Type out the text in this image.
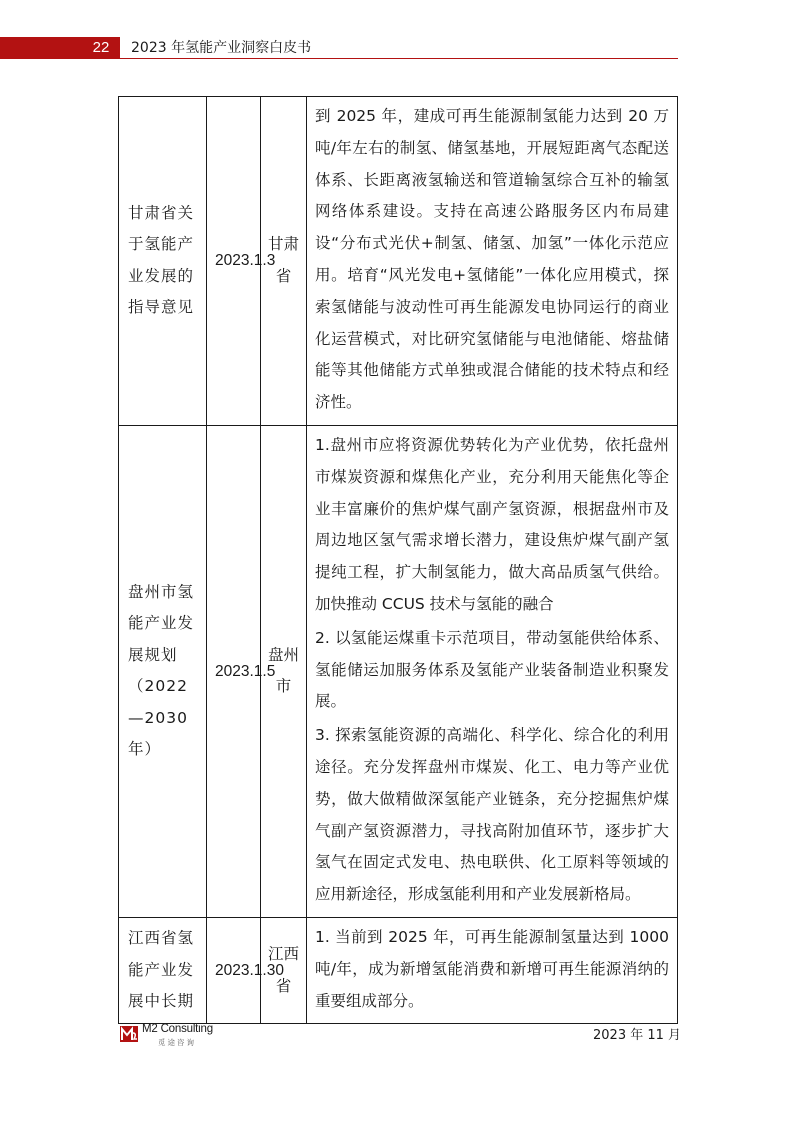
22	2023 年氢能产业洞察白皮书
甘肃省关于氢能产业发展的指导意见	2023.1.3	甘肃省	到 2025 年，建成可再生能源制氢能力达到 20 万吨/年左右的制氢、储氢基地，开展短距离气态配送体系、长距离液氢输送和管道输氢综合互补的输氢网络体系建设。支持在高速公路服务区内布局建设“分布式光伏+制氢、储氢、加氢”一体化示范应用。培育“风光发电+氢储能”一体化应用模式，探索氢储能与波动性可再生能源发电协同运行的商业化运营模式，对比研究氢储能与电池储能、熔盐储能等其他储能方式单独或混合储能的技术特点和经济性。

盘州市氢能产业发展规划（2022—2030年）	2023.1.5	盘州市	1.盘州市应将资源优势转化为产业优势，依托盘州市煤炭资源和煤焦化产业，充分利用天能焦化等企业丰富廉价的焦炉煤气副产氢资源，根据盘州市及周边地区氢气需求增长潜力，建设焦炉煤气副产氢提纯工程，扩大制氢能力，做大高品质氢气供给。加快推动 CCUS 技术与氢能的融合
2. 以氢能运煤重卡示范项目，带动氢能供给体系、氢能储运加服务体系及氢能产业装备制造业积聚发展。
3. 探索氢能资源的高端化、科学化、综合化的利用途径。充分发挥盘州市煤炭、化工、电力等产业优势，做大做精做深氢能产业链条，充分挖掘焦炉煤气副产氢资源潜力，寻找高附加值环节，逐步扩大氢气在固定式发电、热电联供、化工原料等领域的应用新途径，形成氢能利用和产业发展新格局。

江西省氢能产业发展中长期	2023.1.30	江西省	1. 当前到 2025 年，可再生能源制氢量达到 1000 吨/年，成为新增氢能消费和新增可再生能源消纳的重要组成部分。
M2 Consulting
觅途咨询	2023 年 11 月
